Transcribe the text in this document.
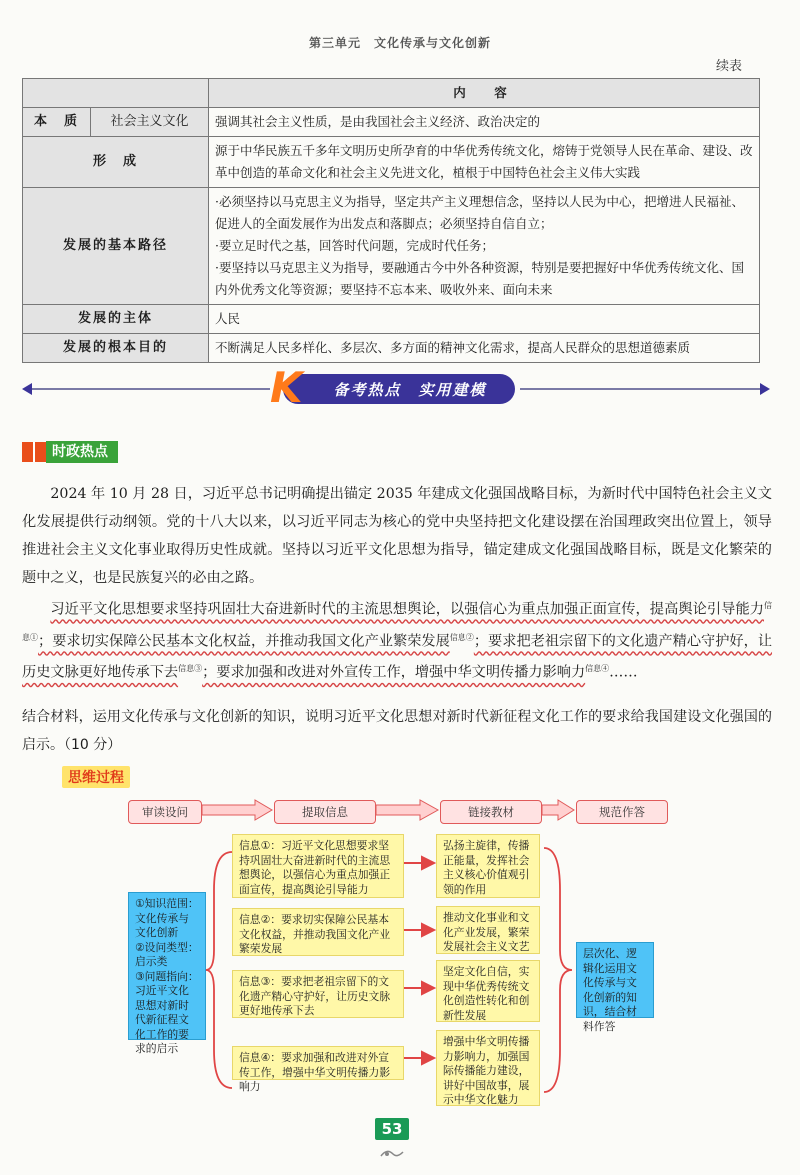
第三单元　文化传承与文化创新
续表
		内　容
本　质	社会主义文化	强调其社会主义性质，是由我国社会主义经济、政治决定的
形　成		源于中华民族五千多年文明历史所孕育的中华优秀传统文化，熔铸于党领导人民在革命、建设、改革中创造的革命文化和社会主义先进文化，植根于中国特色社会主义伟大实践
发展的基本路径		·必须坚持以马克思主义为指导，坚定共产主义理想信念，坚持以人民为中心，把增进人民福祉、促进人的全面发展作为出发点和落脚点；必须坚持自信自立；
·要立足时代之基，回答时代问题，完成时代任务；
·要坚持以马克思主义为指导，要融通古今中外各种资源，特别是要把握好中华优秀传统文化、国内外优秀文化等资源；要坚持不忘本来、吸收外来、面向未来

发展的主体		人民
发展的根本目的		不断满足人民多样化、多层次、多方面的精神文化需求，提高人民群众的思想道德素质
备考热点　实用建模
K
时政热点

2024 年 10 月 28 日，习近平总书记明确提出锚定 2035 年建成文化强国战略目标，为新时代中国特色社会主义文化发展提供行动纲领。党的十八大以来，以习近平同志为核心的党中央坚持把文化建设摆在治国理政突出位置上，领导推进社会主义文化事业取得历史性成就。坚持以习近平文化思想为指导，锚定建成文化强国战略目标，既是文化繁荣的题中之义，也是民族复兴的必由之路。

习近平文化思想要求坚持巩固壮大奋进新时代的主流思想舆论，以强信心为重点加强正面宣传，提高舆论引导能力$^{信息①}$；要求切实保障公民基本文化权益，并推动我国文化产业繁荣发展$^{信息②}$；要求把老祖宗留下的文化遗产精心守护好，让历史文脉更好地传承下去$^{信息③}$；要求加强和改进对外宣传工作，增强中华文明传播力影响力$^{信息④}$……

结合材料，运用文化传承与文化创新的知识，说明习近平文化思想对新时代新征程文化工作的要求给我国建设文化强国的启示。（10 分）
思维过程
审读设问	提取信息	链接教材	规范作答
①知识范围：文化传承与文化创新
②设问类型：启示类
③问题指向：习近平文化思想对新时代新征程文化工作的要求的启示
信息①：习近平文化思想要求坚持巩固壮大奋进新时代的主流思想舆论，以强信心为重点加强正面宣传，提高舆论引导能力
信息②：要求切实保障公民基本文化权益，并推动我国文化产业繁荣发展
信息③：要求把老祖宗留下的文化遗产精心守护好，让历史文脉更好地传承下去
信息④：要求加强和改进对外宣传工作，增强中华文明传播力影响力
弘扬主旋律，传播正能量，发挥社会主义核心价值观引领的作用
推动文化事业和文化产业发展，繁荣发展社会主义文艺
坚定文化自信，实现中华优秀传统文化创造性转化和创新性发展
增强中华文明传播力影响力，加强国际传播能力建设，讲好中国故事，展示中华文化魅力
层次化、逻辑化运用文化传承与文化创新的知识，结合材料作答
53
